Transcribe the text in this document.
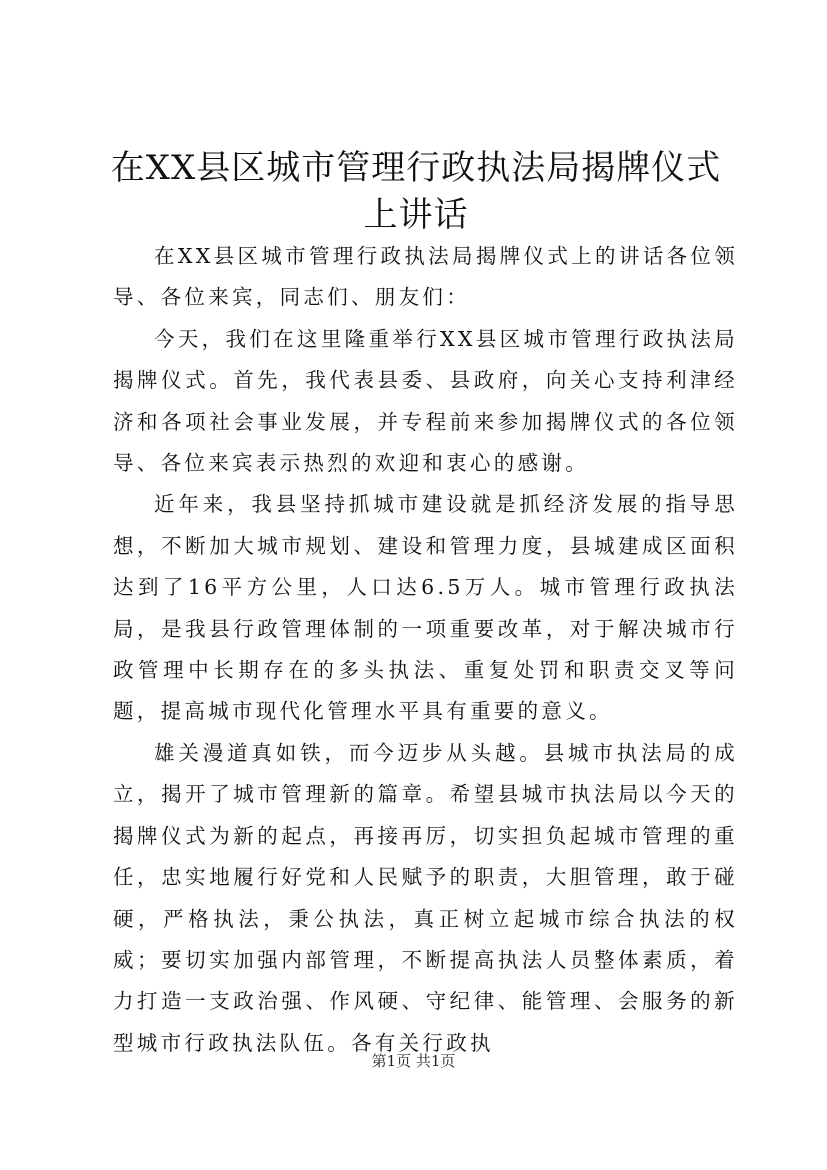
在XX县区城市管理行政执法局揭牌仪式上讲话

在XX县区城市管理行政执法局揭牌仪式上的讲话各位领导、各位来宾，同志们、朋友们：

今天，我们在这里隆重举行XX县区城市管理行政执法局揭牌仪式。首先，我代表县委、县政府，向关心支持利津经济和各项社会事业发展，并专程前来参加揭牌仪式的各位领导、各位来宾表示热烈的欢迎和衷心的感谢。

近年来，我县坚持抓城市建设就是抓经济发展的指导思想，不断加大城市规划、建设和管理力度，县城建成区面积达到了16平方公里，人口达6.5万人。城市管理行政执法局，是我县行政管理体制的一项重要改革，对于解决城市行政管理中长期存在的多头执法、重复处罚和职责交叉等问题，提高城市现代化管理水平具有重要的意义。

雄关漫道真如铁，而今迈步从头越。县城市执法局的成立，揭开了城市管理新的篇章。希望县城市执法局以今天的揭牌仪式为新的起点，再接再厉，切实担负起城市管理的重任，忠实地履行好党和人民赋予的职责，大胆管理，敢于碰硬，严格执法，秉公执法，真正树立起城市综合执法的权威；要切实加强内部管理，不断提高执法人员整体素质，着力打造一支政治强、作风硬、守纪律、能管理、会服务的新型城市行政执法队伍。各有关行政执

第1页 共1页
